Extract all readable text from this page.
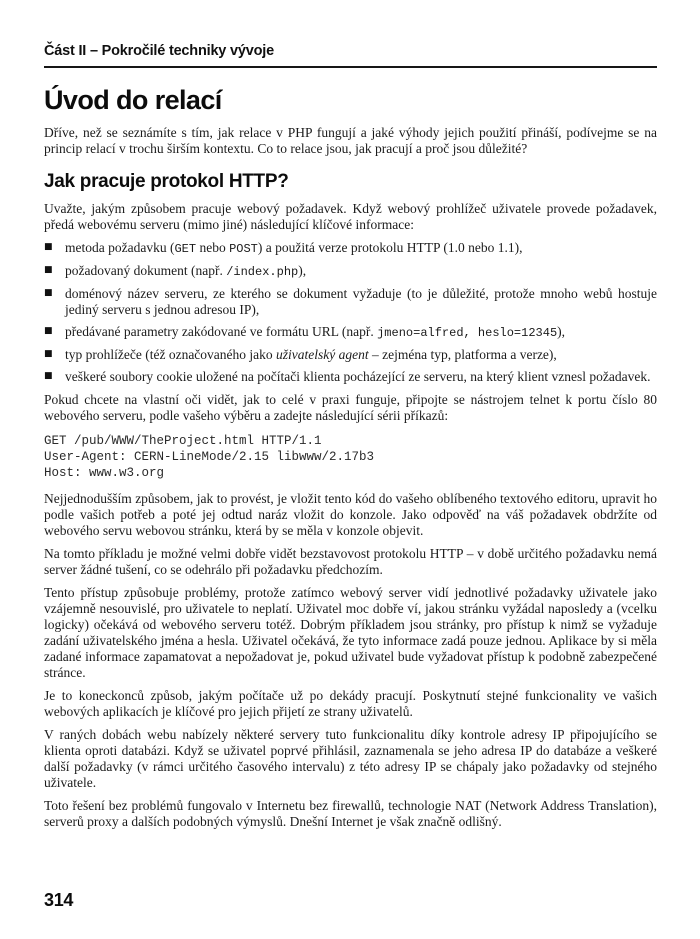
Část II – Pokročilé techniky vývoje
Úvod do relací

Dříve, než se seznámíte s tím, jak relace v PHP fungují a jaké výhody jejich použití přináší, podívejme se na princip relací v trochu širším kontextu. Co to relace jsou, jak pracují a proč jsou důležité?

Jak pracuje protokol HTTP?

Uvažte, jakým způsobem pracuje webový požadavek. Když webový prohlížeč uživatele provede požadavek, předá webovému serveru (mimo jiné) následující klíčové informace:

■ metoda požadavku (GET nebo POST) a použitá verze protokolu HTTP (1.0 nebo 1.1),
■ požadovaný dokument (např. /index.php),
■ doménový název serveru, ze kterého se dokument vyžaduje (to je důležité, protože mnoho webů hostuje jediný serveru s jednou adresou IP),
■ předávané parametry zakódované ve formátu URL (např. jmeno=alfred, heslo=12345),
■ typ prohlížeče (též označovaného jako uživatelský agent – zejména typ, platforma a verze),
■ veškeré soubory cookie uložené na počítači klienta pocházející ze serveru, na který klient vznesl požadavek.

Pokud chcete na vlastní oči vidět, jak to celé v praxi funguje, připojte se nástrojem telnet k portu číslo 80 webového serveru, podle vašeho výběru a zadejte následující sérii příkazů:

GET /pub/WWW/TheProject.html HTTP/1.1
User-Agent: CERN-LineMode/2.15 libwww/2.17b3
Host: www.w3.org

Nejjednodušším způsobem, jak to provést, je vložit tento kód do vašeho oblíbeného textového editoru, upravit ho podle vašich potřeb a poté jej odtud naráz vložit do konzole. Jako odpověď na váš požadavek obdržíte od webového servu webovou stránku, která by se měla v konzole objevit.

Na tomto příkladu je možné velmi dobře vidět bezstavovost protokolu HTTP – v době určitého požadavku nemá server žádné tušení, co se odehrálo při požadavku předchozím.

Tento přístup způsobuje problémy, protože zatímco webový server vidí jednotlivé požadavky uživatele jako vzájemně nesouvislé, pro uživatele to neplatí. Uživatel moc dobře ví, jakou stránku vyžádal naposledy a (vcelku logicky) očekává od webového serveru totéž. Dobrým příkladem jsou stránky, pro přístup k nimž se vyžaduje zadání uživatelského jména a hesla. Uživatel očekává, že tyto informace zadá pouze jednou. Aplikace by si měla zadané informace zapamatovat a nepožadovat je, pokud uživatel bude vyžadovat přístup k podobně zabezpečené stránce.

Je to koneckonců způsob, jakým počítače už po dekády pracují. Poskytnutí stejné funkcionality ve vašich webových aplikacích je klíčové pro jejich přijetí ze strany uživatelů.

V raných dobách webu nabízely některé servery tuto funkcionalitu díky kontrole adresy IP připojujícího se klienta oproti databázi. Když se uživatel poprvé přihlásil, zaznamenala se jeho adresa IP do databáze a veškeré další požadavky (v rámci určitého časového intervalu) z této adresy IP se chápaly jako požadavky od stejného uživatele.

Toto řešení bez problémů fungovalo v Internetu bez firewallů, technologie NAT (Network Address Translation), serverů proxy a dalších podobných výmyslů. Dnešní Internet je však značně odlišný.

314
